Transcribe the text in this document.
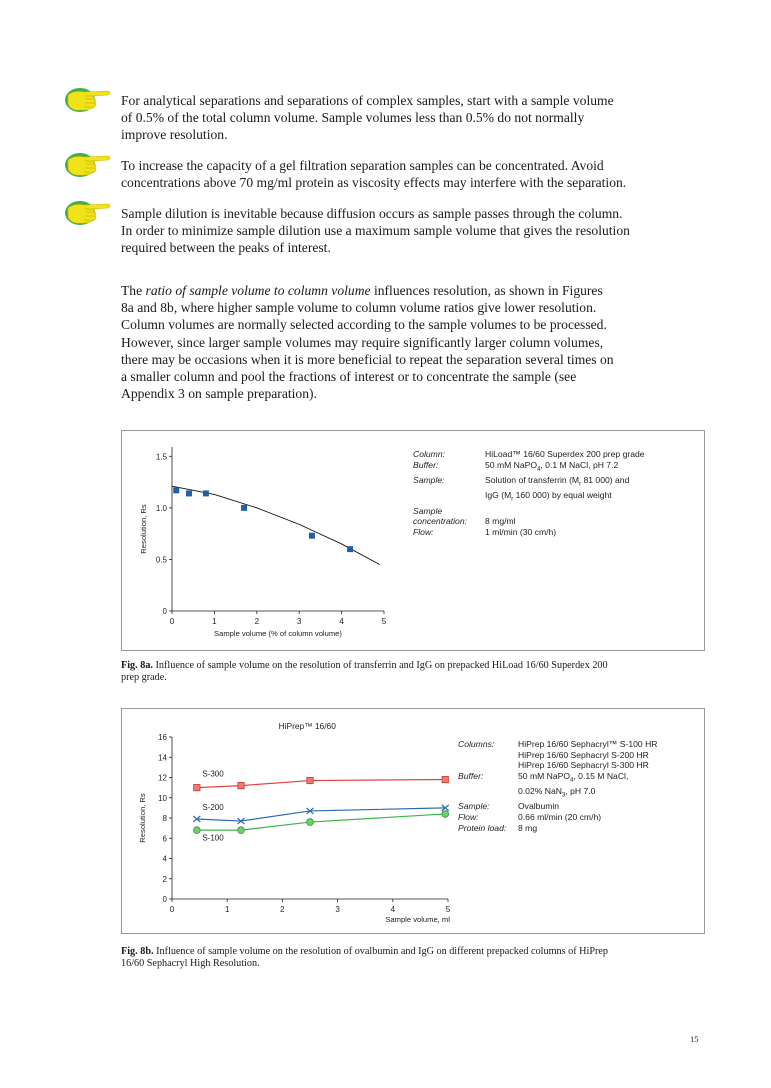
For analytical separations and separations of complex samples, start with a sample volume
of 0.5% of the total column volume. Sample volumes less than 0.5% do not normally
improve resolution.
To increase the capacity of a gel filtration separation samples can be concentrated. Avoid
concentrations above 70 mg/ml protein as viscosity effects may interfere with the separation.
Sample dilution is inevitable because diffusion occurs as sample passes through the column.
In order to minimize sample dilution use a maximum sample volume that gives the resolution
required between the peaks of interest.
The ratio of sample volume to column volume influences resolution, as shown in Figures
8a and 8b, where higher sample volume to column volume ratios give lower resolution.
Column volumes are normally selected according to the sample volumes to be processed.
However, since larger sample volumes may require significantly larger column volumes,
there may be occasions when it is more beneficial to repeat the separation several times on
a smaller column and pool the fractions of interest or to concentrate the sample (see
Appendix 3 on sample preparation).
0	1	2	3	4	5
0
0.5
1.0
1.5
Sample volume (% of column volume)
Resolution, Rs
Column:	HiLoad™ 16/60 Superdex 200 prep grade
Buffer:	50 mM NaPO$_4$, 0.1 M NaCl, pH 7.2
Sample:	Solution of transferrin ($M_r$ 81 000) and
IgG ($M_r$ 160 000) by equal weight
Sample

concentration: 8 mg/ml
Flow:	1 ml/min (30 cm/h)
Fig. 8a. Influence of sample volume on the resolution of transferrin and IgG on prepacked HiLoad 16/60 Superdex 200
prep grade.
HiPrep™ 16/60
0	1	2	3	4	5
0
2
4
6
8
10
12
14
16
Sample volume, ml
Resolution, Rs
S-300
S-200
S-100
Columns:	HiPrep 16/60 Sephacryl™ S-100 HR
HiPrep 16/60 Sephacryl S-200 HR
HiPrep 16/60 Sephacryl S-300 HR
Buffer:	50 mM NaPO$_4$, 0.15 M NaCl,
0.02% NaN$_3$, pH 7.0
Sample:	Ovalbumin
Flow:	0.66 ml/min (20 cm/h)
Protein load: 8 mg
Fig. 8b. Influence of sample volume on the resolution of ovalbumin and IgG on different prepacked columns of HiPrep
16/60 Sephacryl High Resolution.
15
